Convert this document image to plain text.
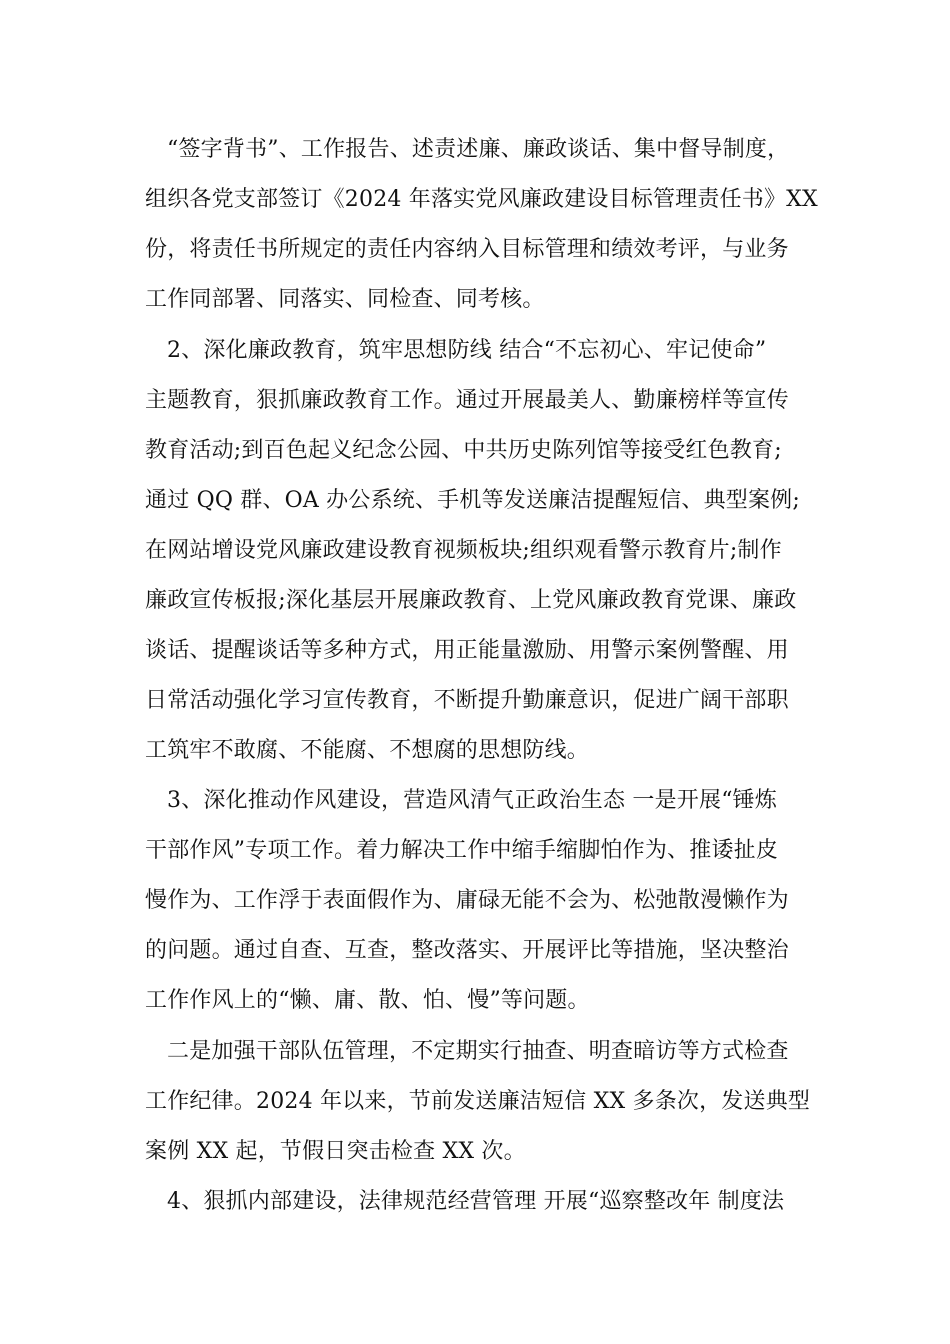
“签字背书”、工作报告、述责述廉、廉政谈话、集中督导制度，
组织各党支部签订《2024 年落实党风廉政建设目标管理责任书》XX
份，将责任书所规定的责任内容纳入目标管理和绩效考评，与业务
工作同部署、同落实、同检查、同考核。
2、深化廉政教育，筑牢思想防线 结合“不忘初心、牢记使命”
主题教育，狠抓廉政教育工作。通过开展最美人、勤廉榜样等宣传
教育活动;到百色起义纪念公园、中共历史陈列馆等接受红色教育;
通过 QQ 群、OA 办公系统、手机等发送廉洁提醒短信、典型案例;
在网站增设党风廉政建设教育视频板块;组织观看警示教育片;制作
廉政宣传板报;深化基层开展廉政教育、上党风廉政教育党课、廉政
谈话、提醒谈话等多种方式，用正能量激励、用警示案例警醒、用
日常活动强化学习宣传教育，不断提升勤廉意识，促进广阔干部职
工筑牢不敢腐、不能腐、不想腐的思想防线。
3、深化推动作风建设，营造风清气正政治生态 一是开展“锤炼
干部作风”专项工作。着力解决工作中缩手缩脚怕作为、推诿扯皮
慢作为、工作浮于表面假作为、庸碌无能不会为、松弛散漫懒作为
的问题。通过自查、互查，整改落实、开展评比等措施，坚决整治
工作作风上的“懒、庸、散、怕、慢”等问题。
二是加强干部队伍管理，不定期实行抽查、明查暗访等方式检查
工作纪律。2024 年以来，节前发送廉洁短信 XX 多条次，发送典型
案例 XX 起，节假日突击检查 XX 次。
4、狠抓内部建设，法律规范经营管理 开展“巡察整改年 制度法
